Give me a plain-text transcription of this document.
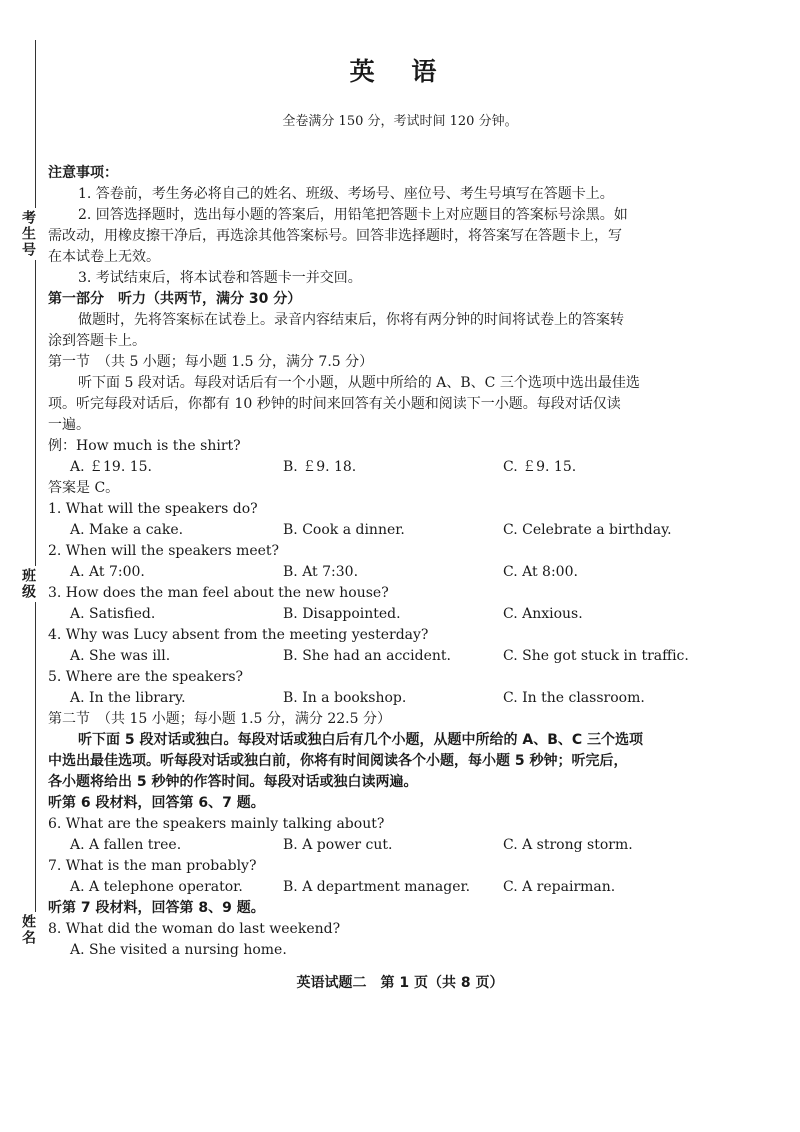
考生号
班级
姓名
英 语
全卷满分 150 分，考试时间 120 分钟。
注意事项：
1. 答卷前，考生务必将自己的姓名、班级、考场号、座位号、考生号填写在答题卡上。
2. 回答选择题时，选出每小题的答案后，用铅笔把答题卡上对应题目的答案标号涂黑。如
需改动，用橡皮擦干净后，再选涂其他答案标号。回答非选择题时，将答案写在答题卡上，写
在本试卷上无效。
3. 考试结束后，将本试卷和答题卡一并交回。
第一部分　听力（共两节，满分 30 分）
做题时，先将答案标在试卷上。录音内容结束后，你将有两分钟的时间将试卷上的答案转
涂到答题卡上。
第一节　（共 5 小题；每小题 1.5 分，满分 7.5 分）
听下面 5 段对话。每段对话后有一个小题，从题中所给的 A、B、C 三个选项中选出最佳选
项。听完每段对话后，你都有 10 秒钟的时间来回答有关小题和阅读下一小题。每段对话仅读
一遍。
例：How much is the shirt?
A. ￡19. 15.	B. ￡9. 18.	C. ￡9. 15.
答案是 C。
1. What will the speakers do?
A. Make a cake.	B. Cook a dinner.	C. Celebrate a birthday.
2. When will the speakers meet?
A. At 7:00.	B. At 7:30.	C. At 8:00.
3. How does the man feel about the new house?
A. Satisfied.	B. Disappointed.	C. Anxious.
4. Why was Lucy absent from the meeting yesterday?
A. She was ill.	B. She had an accident.	C. She got stuck in traffic.
5. Where are the speakers?
A. In the library.	B. In a bookshop.	C. In the classroom.
第二节　（共 15 小题；每小题 1.5 分，满分 22.5 分）
听下面 5 段对话或独白。每段对话或独白后有几个小题，从题中所给的 A、B、C 三个选项
中选出最佳选项。听每段对话或独白前，你将有时间阅读各个小题，每小题 5 秒钟；听完后，
各小题将给出 5 秒钟的作答时间。每段对话或独白读两遍。
听第 6 段材料，回答第 6、7 题。
6. What are the speakers mainly talking about?
A. A fallen tree.	B. A power cut.	C. A strong storm.
7. What is the man probably?
A. A telephone operator.	B. A department manager. C. A repairman.
听第 7 段材料，回答第 8、9 题。
8. What did the woman do last weekend?
A. She visited a nursing home.
英语试题二　第 1 页（共 8 页）
